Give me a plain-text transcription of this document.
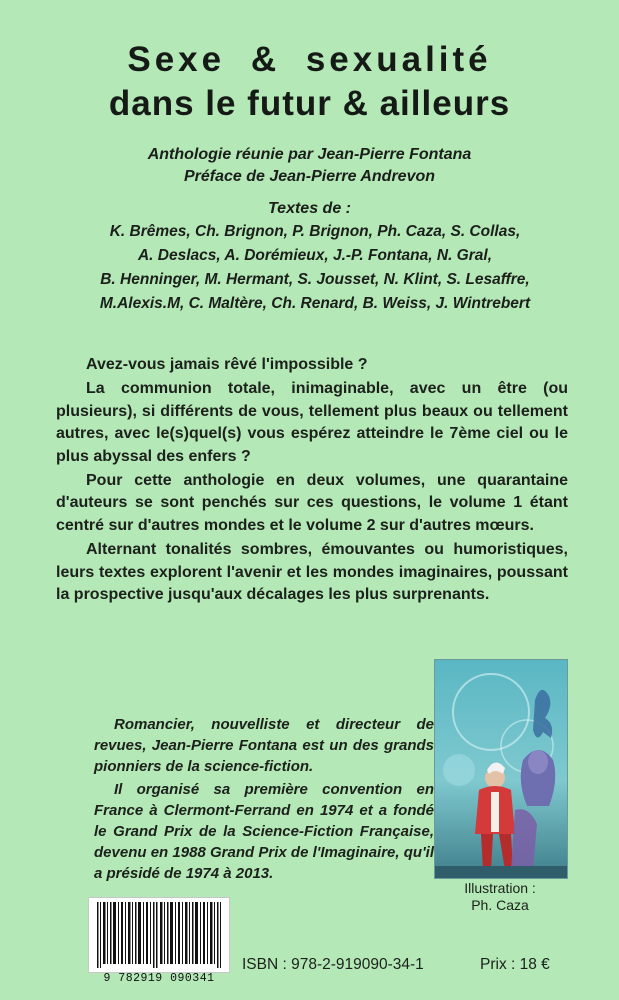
Sexe & sexualité
dans le futur & ailleurs
Anthologie réunie par Jean-Pierre Fontana
Préface de Jean-Pierre Andrevon
Textes de :
K. Brêmes, Ch. Brignon, P. Brignon, Ph. Caza, S. Collas,
A. Deslacs, A. Dorémieux, J.-P. Fontana, N. Gral,
B. Henninger, M. Hermant, S. Jousset, N. Klint, S. Lesaffre,
M.Alexis.M, C. Maltère, Ch. Renard, B. Weiss, J. Wintrebert

Avez-vous jamais rêvé l'impossible ?

La communion totale, inimaginable, avec un être (ou plusieurs), si différents de vous, tellement plus beaux ou tellement autres, avec le(s)quel(s) vous espérez atteindre le 7ème ciel ou le plus abyssal des enfers ?

Pour cette anthologie en deux volumes, une quarantaine d'auteurs se sont penchés sur ces questions, le volume 1 étant centré sur d'autres mondes et le volume 2 sur d'autres mœurs.

Alternant tonalités sombres, émouvantes ou humoristiques, leurs textes explorent l'avenir et les mondes imaginaires, poussant la prospective jusqu'aux décalages les plus surprenants.

Romancier, nouvelliste et directeur de revues, Jean-Pierre Fontana est un des grands pionniers de la science-fiction.

Il organisé sa première convention en France à Clermont-Ferrand en 1974 et a fondé le Grand Prix de la Science-Fiction Française, devenu en 1988 Grand Prix de l'Imaginaire, qu'il a présidé de 1974 à 2013.

Illustration :
Ph. Caza
9 782919 090341
ISBN : 978-2-919090-34-1	Prix : 18 €
